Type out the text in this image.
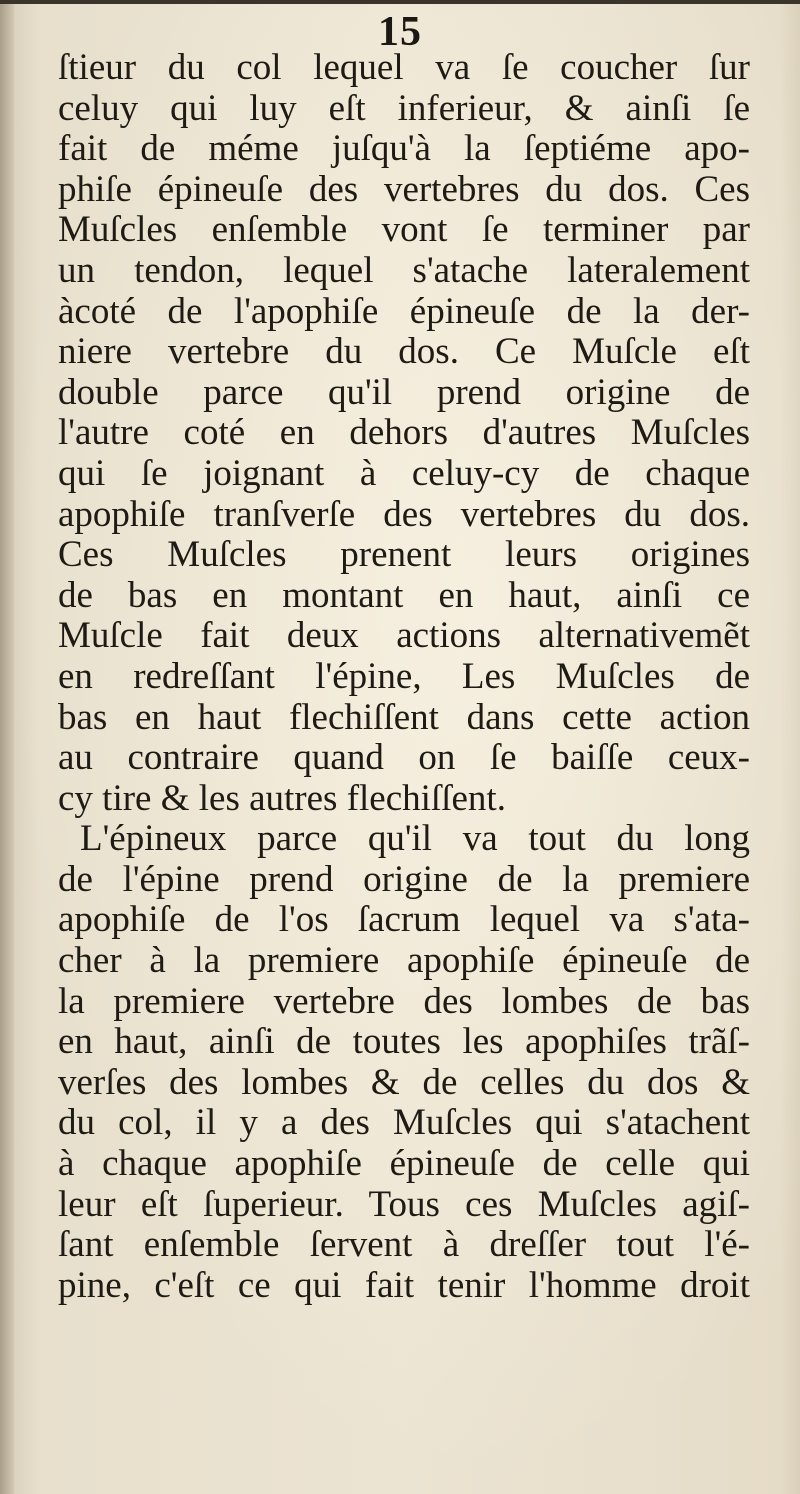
15
ſtieur du col lequel va ſe coucher ſur
celuy qui luy eſt inferieur, & ainſi ſe
fait de méme juſqu'à la ſeptiéme apo-
phiſe épineuſe des vertebres du dos. Ces
Muſcles enſemble vont ſe terminer par
un tendon, lequel s'atache lateralement
àcoté de l'apophiſe épineuſe de la der-
niere vertebre du dos. Ce Muſcle eſt
double parce qu'il prend origine de
l'autre coté en dehors d'autres Muſcles
qui ſe joignant à celuy-cy de chaque
apophiſe tranſverſe des vertebres du dos.
Ces Muſcles prenent leurs origines
de bas en montant en haut, ainſi ce
Muſcle fait deux actions alternativemẽt
en redreſſant l'épine, Les Muſcles de
bas en haut flechiſſent dans cette action
au contraire quand on ſe baiſſe ceux-
cy tire & les autres flechiſſent.
L'épineux parce qu'il va tout du long
de l'épine prend origine de la premiere
apophiſe de l'os ſacrum lequel va s'ata-
cher à la premiere apophiſe épineuſe de
la premiere vertebre des lombes de bas
en haut, ainſi de toutes les apophiſes trãſ-
verſes des lombes & de celles du dos &
du col, il y a des Muſcles qui s'atachent
à chaque apophiſe épineuſe de celle qui
leur eſt ſuperieur. Tous ces Muſcles agiſ-
ſant enſemble ſervent à dreſſer tout l'é-
pine, c'eſt ce qui fait tenir l'homme droit
